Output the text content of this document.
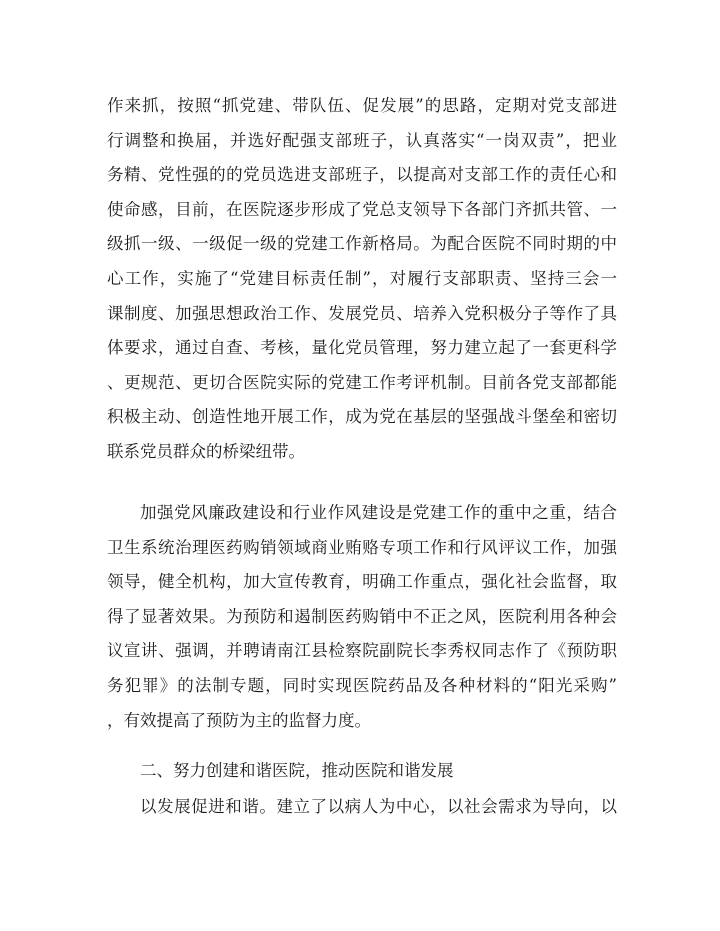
作来抓，按照“抓党建、带队伍、促发展”的思路，定期对党支部进
行调整和换届，并选好配强支部班子，认真落实“一岗双责”，把业
务精、党性强的的党员选进支部班子，以提高对支部工作的责任心和
使命感，目前，在医院逐步形成了党总支领导下各部门齐抓共管、一
级抓一级、一级促一级的党建工作新格局。为配合医院不同时期的中
心工作，实施了“党建目标责任制”，对履行支部职责、坚持三会一
课制度、加强思想政治工作、发展党员、培养入党积极分子等作了具
体要求，通过自查、考核，量化党员管理，努力建立起了一套更科学
、更规范、更切合医院实际的党建工作考评机制。目前各党支部都能
积极主动、创造性地开展工作，成为党在基层的坚强战斗堡垒和密切
联系党员群众的桥梁纽带。
加强党风廉政建设和行业作风建设是党建工作的重中之重，结合
卫生系统治理医药购销领域商业贿赂专项工作和行风评议工作，加强
领导，健全机构，加大宣传教育，明确工作重点，强化社会监督，取
得了显著效果。为预防和遏制医药购销中不正之风，医院利用各种会
议宣讲、强调，并聘请南江县检察院副院长李秀权同志作了《预防职
务犯罪》的法制专题，同时实现医院药品及各种材料的“阳光采购”
，有效提高了预防为主的监督力度。
二、努力创建和谐医院，推动医院和谐发展
以发展促进和谐。建立了以病人为中心，以社会需求为导向，以
